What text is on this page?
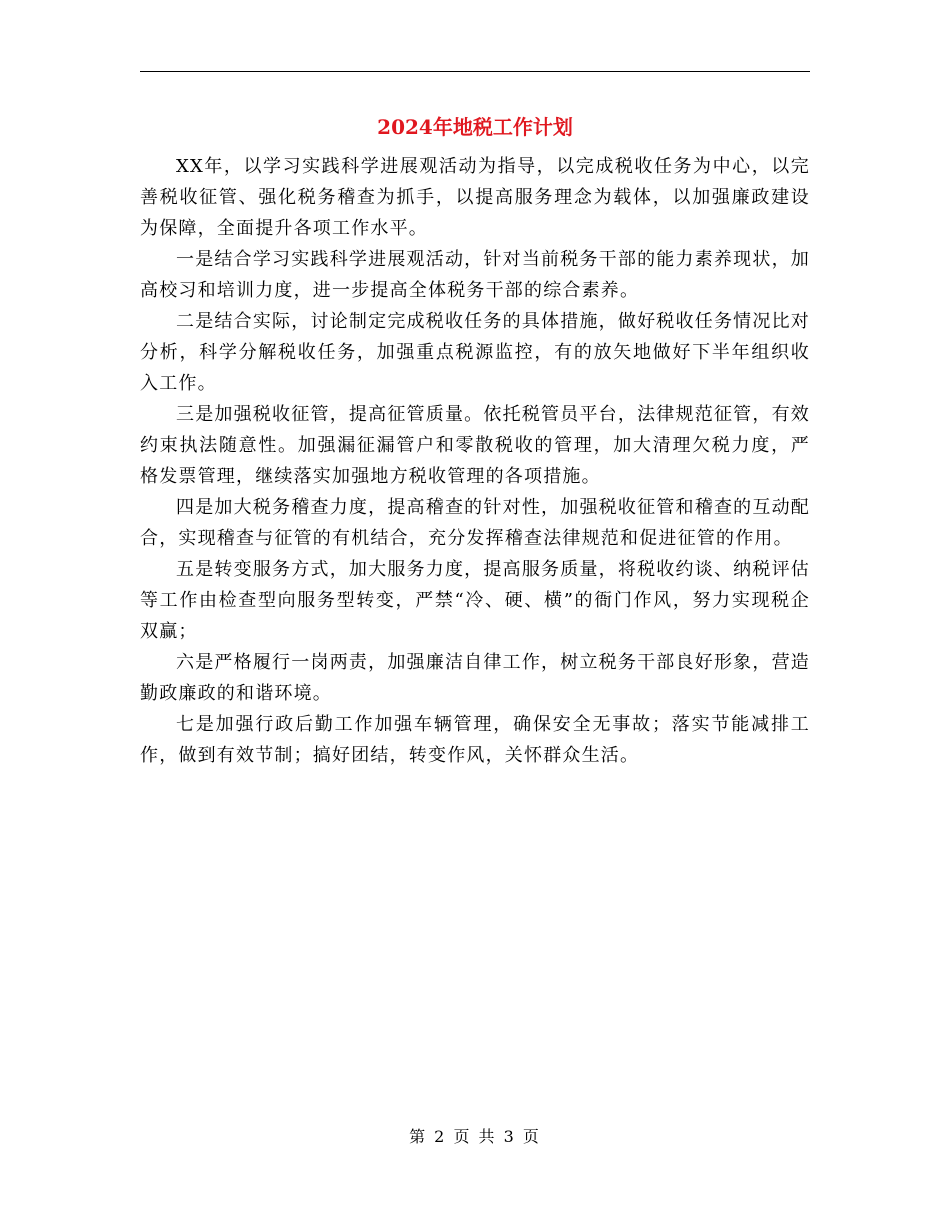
2024年地税工作计划

XX年，以学习实践科学进展观活动为指导，以完成税收任务为中心，以完善税收征管、强化税务稽查为抓手，以提高服务理念为载体，以加强廉政建设为保障，全面提升各项工作水平。

一是结合学习实践科学进展观活动，针对当前税务干部的能力素养现状，加高校习和培训力度，进一步提高全体税务干部的综合素养。

二是结合实际，讨论制定完成税收任务的具体措施，做好税收任务情况比对分析，科学分解税收任务，加强重点税源监控，有的放矢地做好下半年组织收入工作。

三是加强税收征管，提高征管质量。依托税管员平台，法律规范征管，有效约束执法随意性。加强漏征漏管户和零散税收的管理，加大清理欠税力度，严格发票管理，继续落实加强地方税收管理的各项措施。

四是加大税务稽查力度，提高稽查的针对性，加强税收征管和稽查的互动配合，实现稽查与征管的有机结合，充分发挥稽查法律规范和促进征管的作用。

五是转变服务方式，加大服务力度，提高服务质量，将税收约谈、纳税评估等工作由检查型向服务型转变，严禁“冷、硬、横”的衙门作风，努力实现税企双赢；

六是严格履行一岗两责，加强廉洁自律工作，树立税务干部良好形象，营造勤政廉政的和谐环境。

七是加强行政后勤工作加强车辆管理，确保安全无事故；落实节能减排工作，做到有效节制；搞好团结，转变作风，关怀群众生活。

第 2 页 共 3 页
